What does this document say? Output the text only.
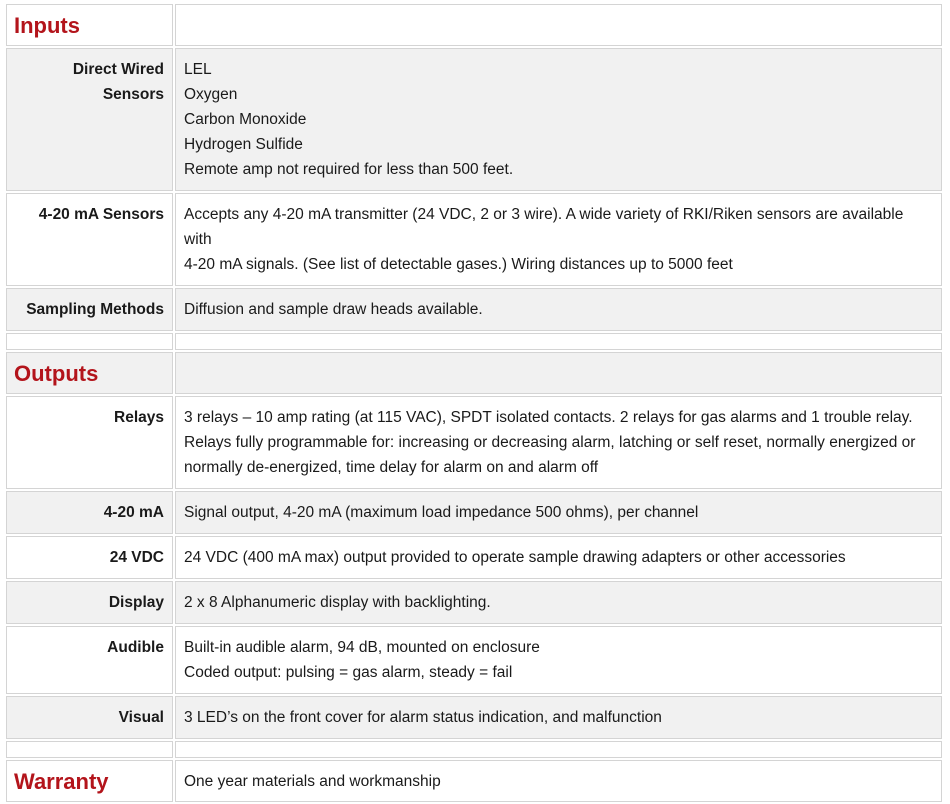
Inputs	

Direct Wired
Sensors	LEL
Oxygen
Carbon Monoxide
Hydrogen Sulfide
Remote amp not required for less than 500 feet.

4-20 mA Sensors	Accepts any 4-20 mA transmitter (24 VDC, 2 or 3 wire). A wide variety of RKI/Riken sensors are available with
4-20 mA signals. (See list of detectable gases.) Wiring distances up to 5000 feet

Sampling Methods	Diffusion and sample draw heads available.

Outputs	

Relays	3 relays – 10 amp rating (at 115 VAC), SPDT isolated contacts. 2 relays for gas alarms and 1 trouble relay.
Relays fully programmable for: increasing or decreasing alarm, latching or self reset, normally energized or
normally de-energized, time delay for alarm on and alarm off

4-20 mA	Signal output, 4-20 mA (maximum load impedance 500 ohms), per channel

24 VDC	24 VDC (400 mA max) output provided to operate sample drawing adapters or other accessories

Display	2 x 8 Alphanumeric display with backlighting.

Audible	Built-in audible alarm, 94 dB, mounted on enclosure
Coded output: pulsing = gas alarm, steady = fail

Visual	3 LED’s on the front cover for alarm status indication, and malfunction

Warranty	One year materials and workmanship
